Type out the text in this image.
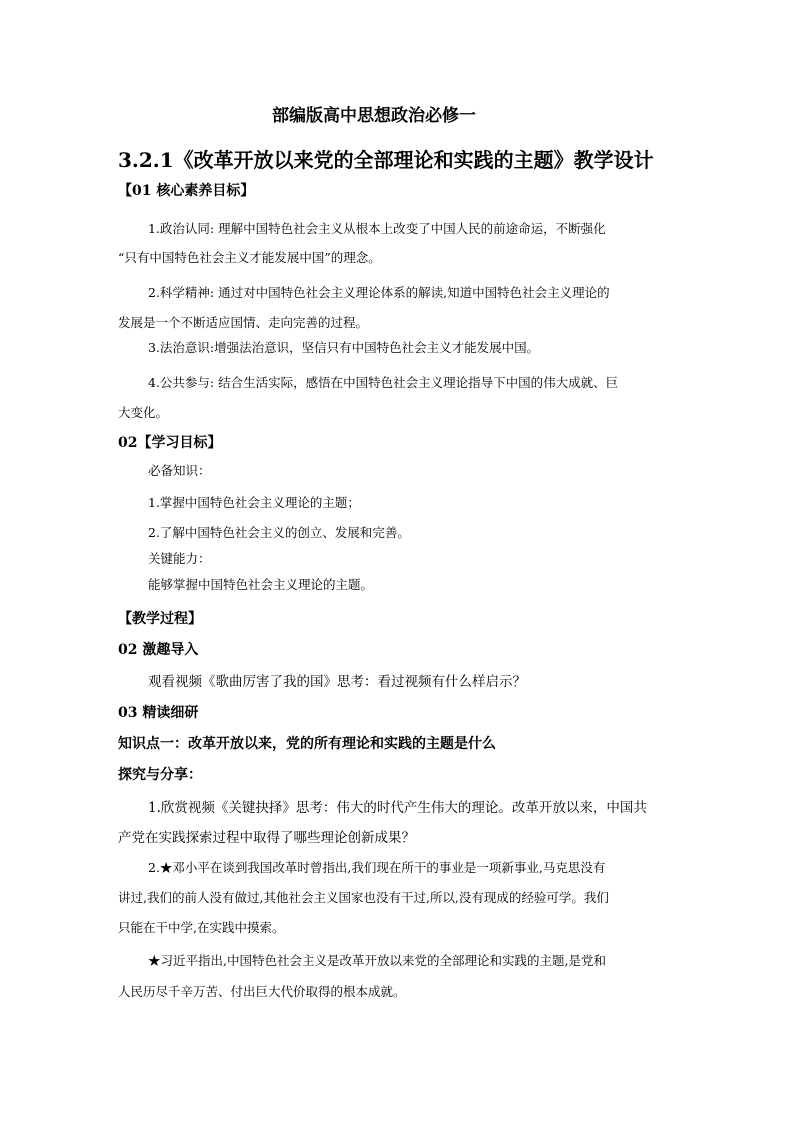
部编版高中思想政治必修一
3.2.1《改革开放以来党的全部理论和实践的主题》教学设计
【01 核心素养目标】
1.政治认同: 理解中国特色社会主义从根本上改变了中国人民的前途命运，不断强化
“只有中国特色社会主义才能发展中国”的理念。
2.科学精神: 通过对中国特色社会主义理论体系的解读,知道中国特色社会主义理论的
发展是一个不断适应国情、走向完善的过程。
3.法治意识:增强法治意识，坚信只有中国特色社会主义才能发展中国。
4.公共参与: 结合生活实际，感悟在中国特色社会主义理论指导下中国的伟大成就、巨
大变化。
02【学习目标】
必备知识：
1.掌握中国特色社会主义理论的主题；
2.了解中国特色社会主义的创立、发展和完善。
关键能力：
能够掌握中国特色社会主义理论的主题。
【教学过程】
02 激趣导入
观看视频《歌曲厉害了我的国》思考：看过视频有什么样启示？
03 精读细研
知识点一：改革开放以来，党的所有理论和实践的主题是什么
探究与分享：
1.欣赏视频《关键抉择》思考：伟大的时代产生伟大的理论。改革开放以来，中国共
产党在实践探索过程中取得了哪些理论创新成果？
2.★邓小平在谈到我国改革时曾指出,我们现在所干的事业是一项新事业,马克思没有
讲过,我们的前人没有做过,其他社会主义国家也没有干过,所以,没有现成的经验可学。我们
只能在干中学,在实践中摸索。
★习近平指出,中国特色社会主义是改革开放以来党的全部理论和实践的主题,是党和
人民历尽千辛万苦、付出巨大代价取得的根本成就。
